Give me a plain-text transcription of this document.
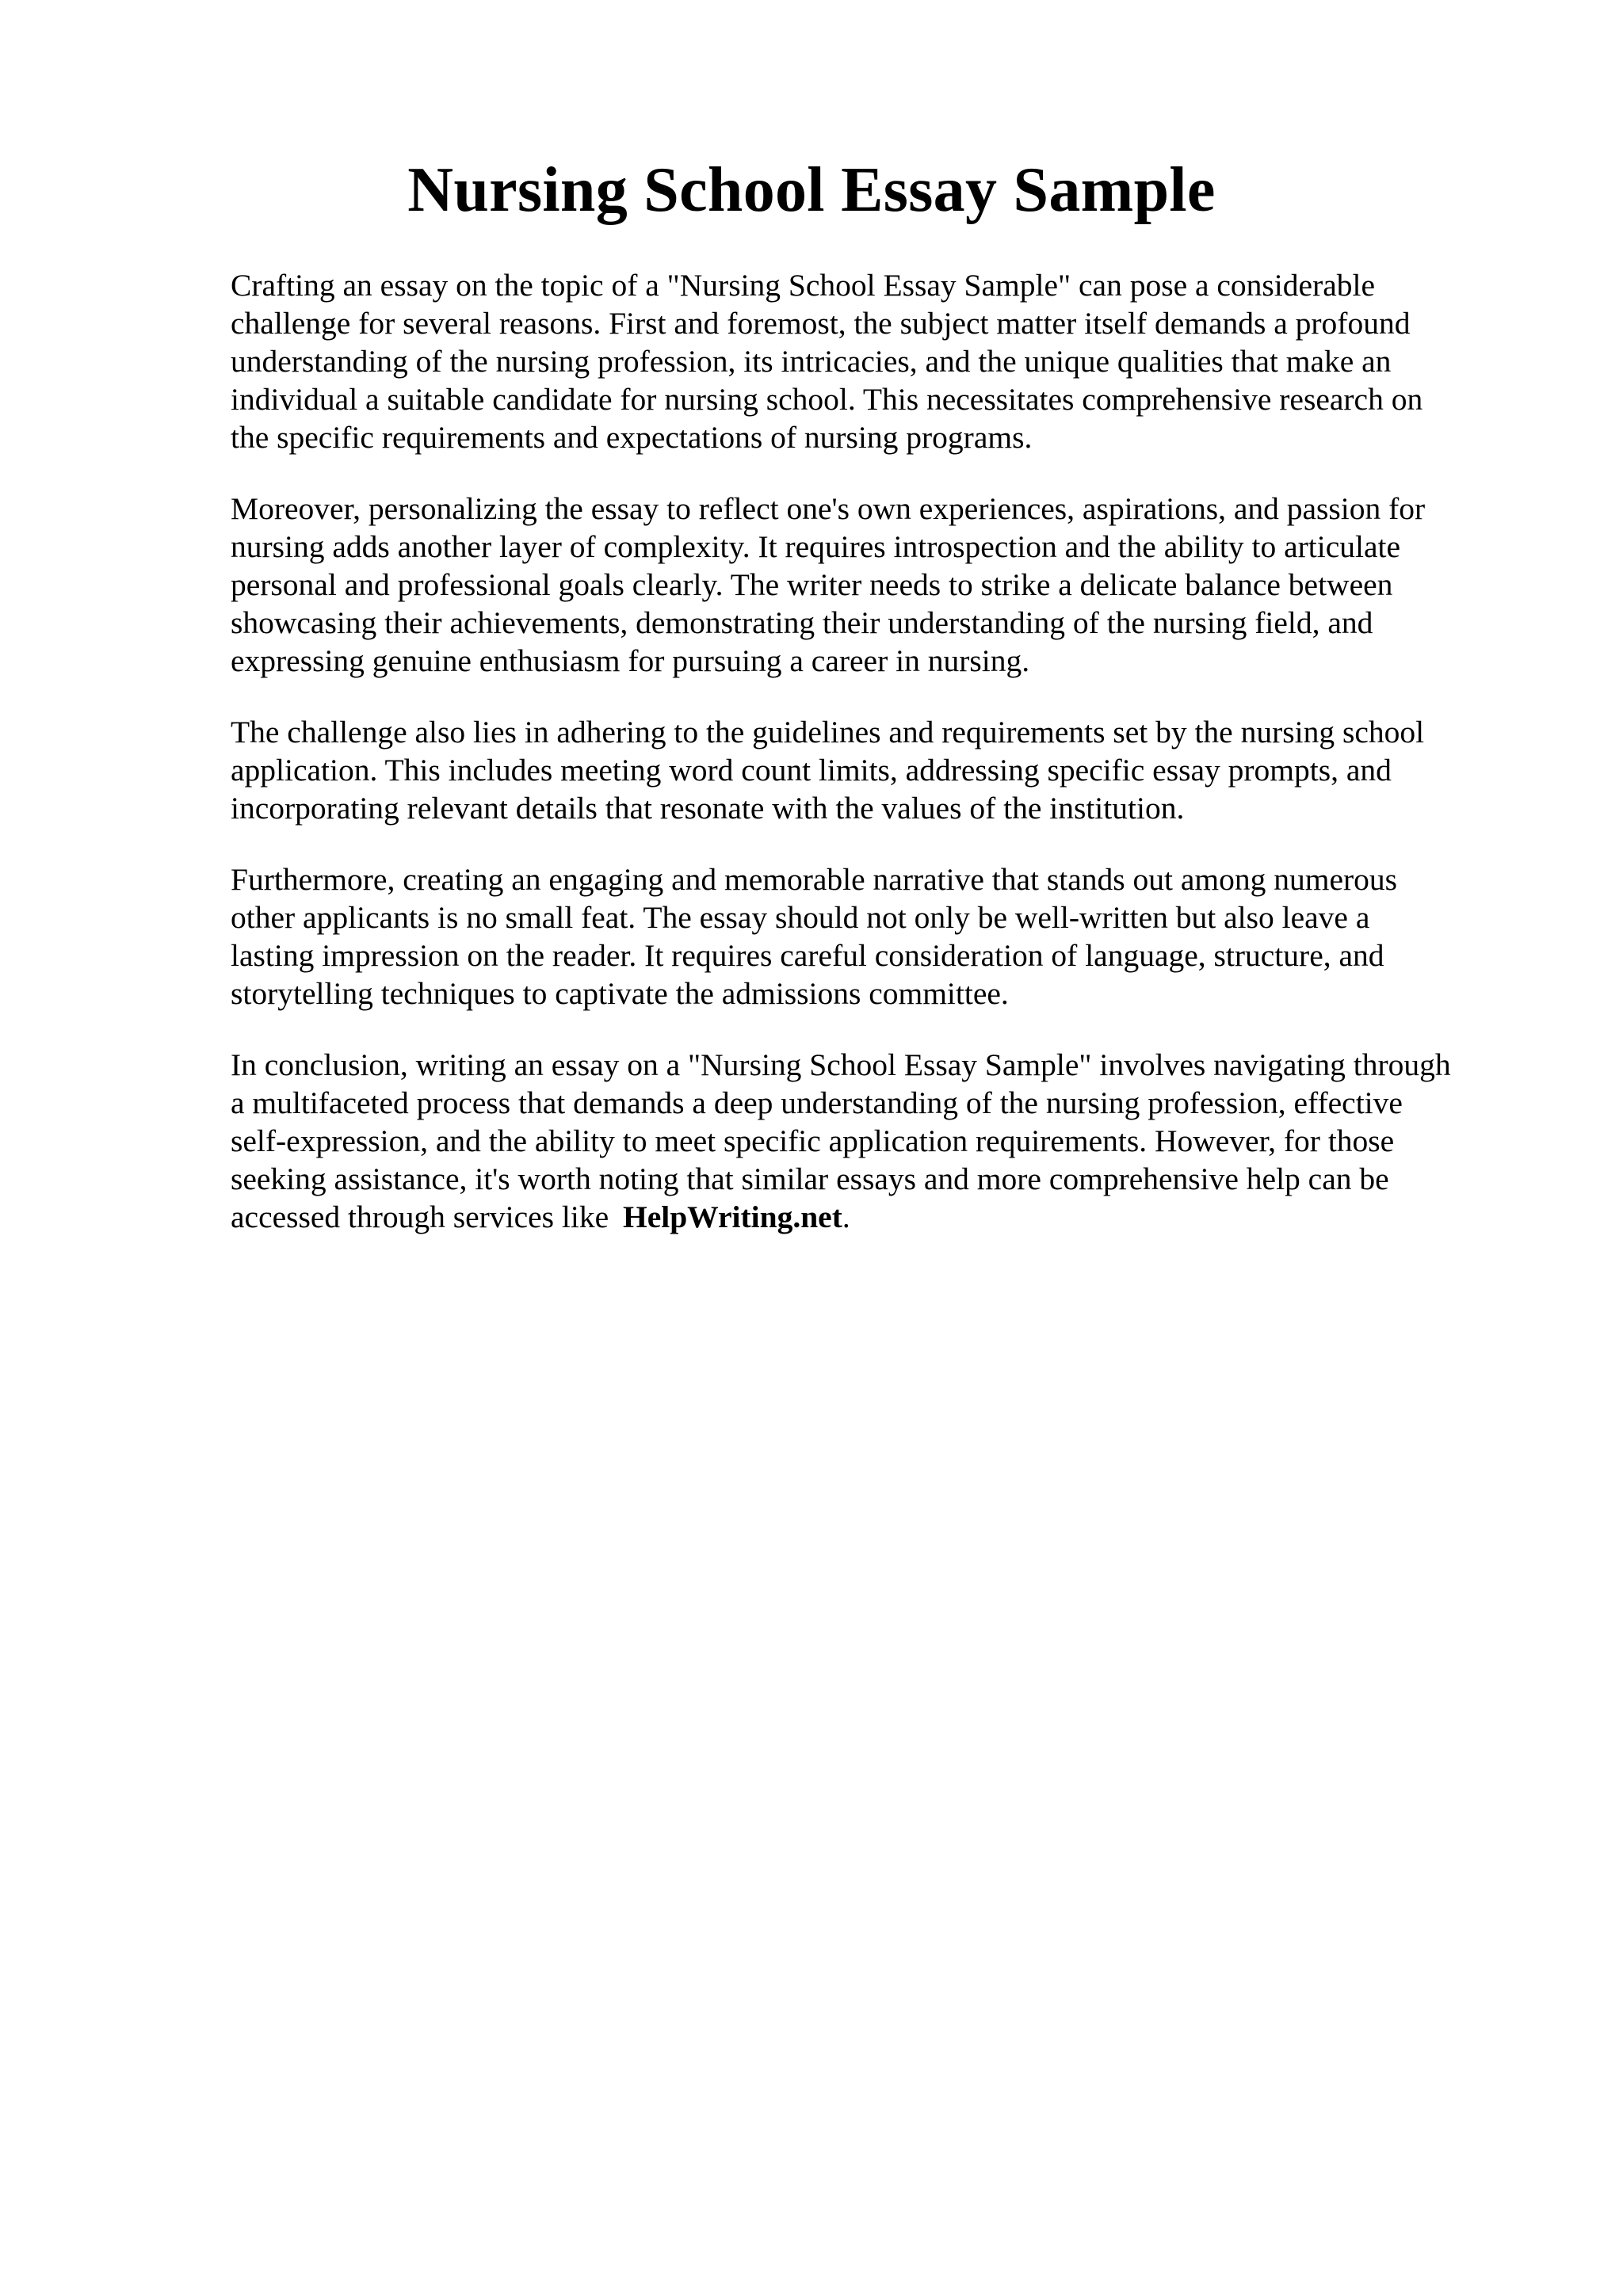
Nursing School Essay Sample

Crafting an essay on the topic of a "Nursing School Essay Sample" can pose a considerable
challenge for several reasons. First and foremost, the subject matter itself demands a profound
understanding of the nursing profession, its intricacies, and the unique qualities that make an
individual a suitable candidate for nursing school. This necessitates comprehensive research on
the specific requirements and expectations of nursing programs.

Moreover, personalizing the essay to reflect one's own experiences, aspirations, and passion for
nursing adds another layer of complexity. It requires introspection and the ability to articulate
personal and professional goals clearly. The writer needs to strike a delicate balance between
showcasing their achievements, demonstrating their understanding of the nursing field, and
expressing genuine enthusiasm for pursuing a career in nursing.

The challenge also lies in adhering to the guidelines and requirements set by the nursing school
application. This includes meeting word count limits, addressing specific essay prompts, and
incorporating relevant details that resonate with the values of the institution.

Furthermore, creating an engaging and memorable narrative that stands out among numerous
other applicants is no small feat. The essay should not only be well-written but also leave a
lasting impression on the reader. It requires careful consideration of language, structure, and
storytelling techniques to captivate the admissions committee.

In conclusion, writing an essay on a "Nursing School Essay Sample" involves navigating through
a multifaceted process that demands a deep understanding of the nursing profession, effective
self-expression, and the ability to meet specific application requirements. However, for those
seeking assistance, it's worth noting that similar essays and more comprehensive help can be
accessed through services like HelpWriting.net.
